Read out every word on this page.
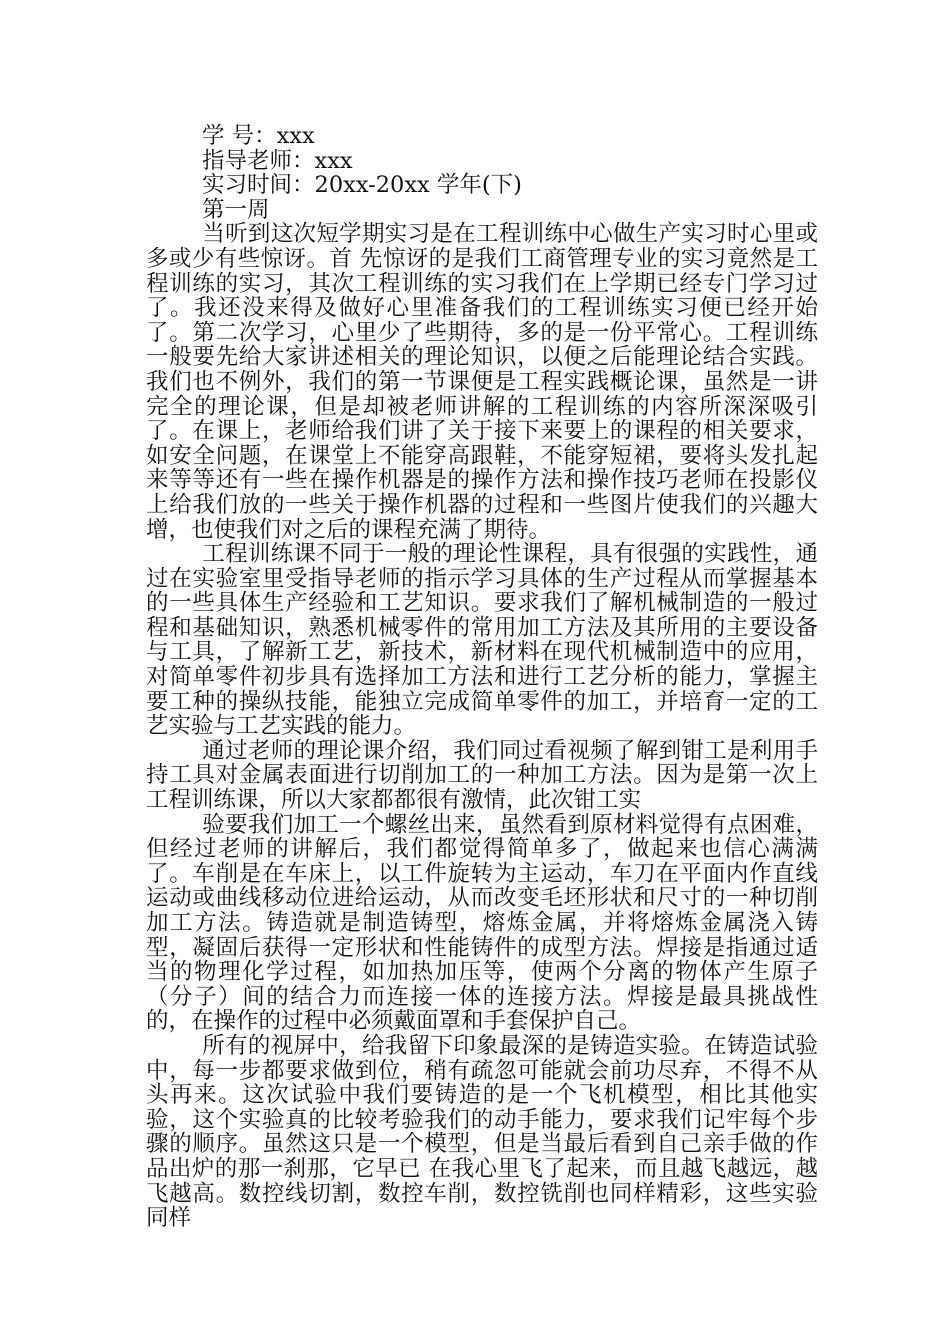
学 号：xxx

指导老师：xxx

实习时间：20xx-20xx 学年(下)

第一周

当听到这次短学期实习是在工程训练中心做生产实习时心里或多或少有些惊讶。首 先惊讶的是我们工商管理专业的实习竟然是工程训练的实习，其次工程训练的实习我们在上学期已经专门学习过了。我还没来得及做好心里准备我们的工程训练实习便已经开始了。第二次学习，心里少了些期待，多的是一份平常心。工程训练一般要先给大家讲述相关的理论知识，以便之后能理论结合实践。我们也不例外，我们的第一节课便是工程实践概论课，虽然是一讲完全的理论课，但是却被老师讲解的工程训练的内容所深深吸引了。在课上，老师给我们讲了关于接下来要上的课程的相关要求，如安全问题，在课堂上不能穿高跟鞋，不能穿短裙，要将头发扎起来等等还有一些在操作机器是的操作方法和操作技巧老师在投影仪上给我们放的一些关于操作机器的过程和一些图片使我们的兴趣大增，也使我们对之后的课程充满了期待。

工程训练课不同于一般的理论性课程，具有很强的实践性，通过在实验室里受指导老师的指示学习具体的生产过程从而掌握基本的一些具体生产经验和工艺知识。要求我们了解机械制造的一般过程和基础知识，熟悉机械零件的常用加工方法及其所用的主要设备与工具，了解新工艺，新技术，新材料在现代机械制造中的应用，对简单零件初步具有选择加工方法和进行工艺分析的能力，掌握主要工种的操纵技能，能独立完成简单零件的加工，并培育一定的工艺实验与工艺实践的能力。

通过老师的理论课介绍，我们同过看视频了解到钳工是利用手持工具对金属表面进行切削加工的一种加工方法。因为是第一次上工程训练课，所以大家都都很有激情，此次钳工实

验要我们加工一个螺丝出来，虽然看到原材料觉得有点困难，但经过老师的讲解后，我们都觉得简单多了，做起来也信心满满了。车削是在车床上，以工件旋转为主运动，车刀在平面内作直线运动或曲线移动位进给运动，从而改变毛坯形状和尺寸的一种切削加工方法。铸造就是制造铸型，熔炼金属，并将熔炼金属浇入铸型，凝固后获得一定形状和性能铸件的成型方法。焊接是指通过适当的物理化学过程，如加热加压等，使两个分离的物体产生原子（分子）间的结合力而连接一体的连接方法。焊接是最具挑战性的，在操作的过程中必须戴面罩和手套保护自己。

所有的视屏中，给我留下印象最深的是铸造实验。在铸造试验中，每一步都要求做到位，稍有疏忽可能就会前功尽弃，不得不从头再来。这次试验中我们要铸造的是一个飞机模型，相比其他实验，这个实验真的比较考验我们的动手能力，要求我们记牢每个步骤的顺序。虽然这只是一个模型，但是当最后看到自己亲手做的作品出炉的那一刹那，它早已 在我心里飞了起来，而且越飞越远，越飞越高。数控线切割，数控车削，数控铣削也同样精彩，这些实验同样
